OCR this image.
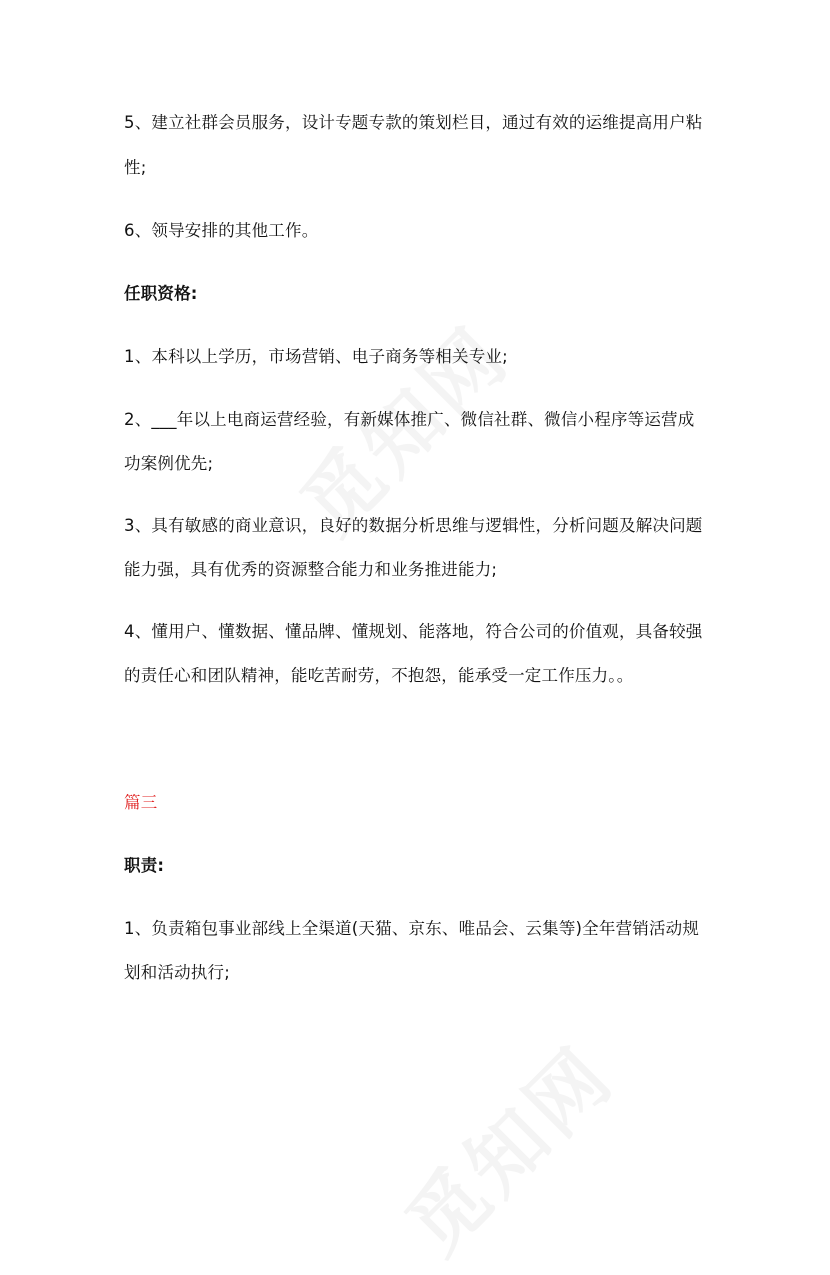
5、建立社群会员服务，设计专题专款的策划栏目，通过有效的运维提高用户粘
性;
6、领导安排的其他工作。
任职资格:
1、本科以上学历，市场营销、电子商务等相关专业;
2、___年以上电商运营经验，有新媒体推广、微信社群、微信小程序等运营成
功案例优先;
3、具有敏感的商业意识，良好的数据分析思维与逻辑性，分析问题及解决问题
能力强，具有优秀的资源整合能力和业务推进能力;
4、懂用户、懂数据、懂品牌、懂规划、能落地，符合公司的价值观，具备较强
的责任心和团队精神，能吃苦耐劳，不抱怨，能承受一定工作压力。。
篇三
职责:
1、负责箱包事业部线上全渠道(天猫、京东、唯品会、云集等)全年营销活动规
划和活动执行;
